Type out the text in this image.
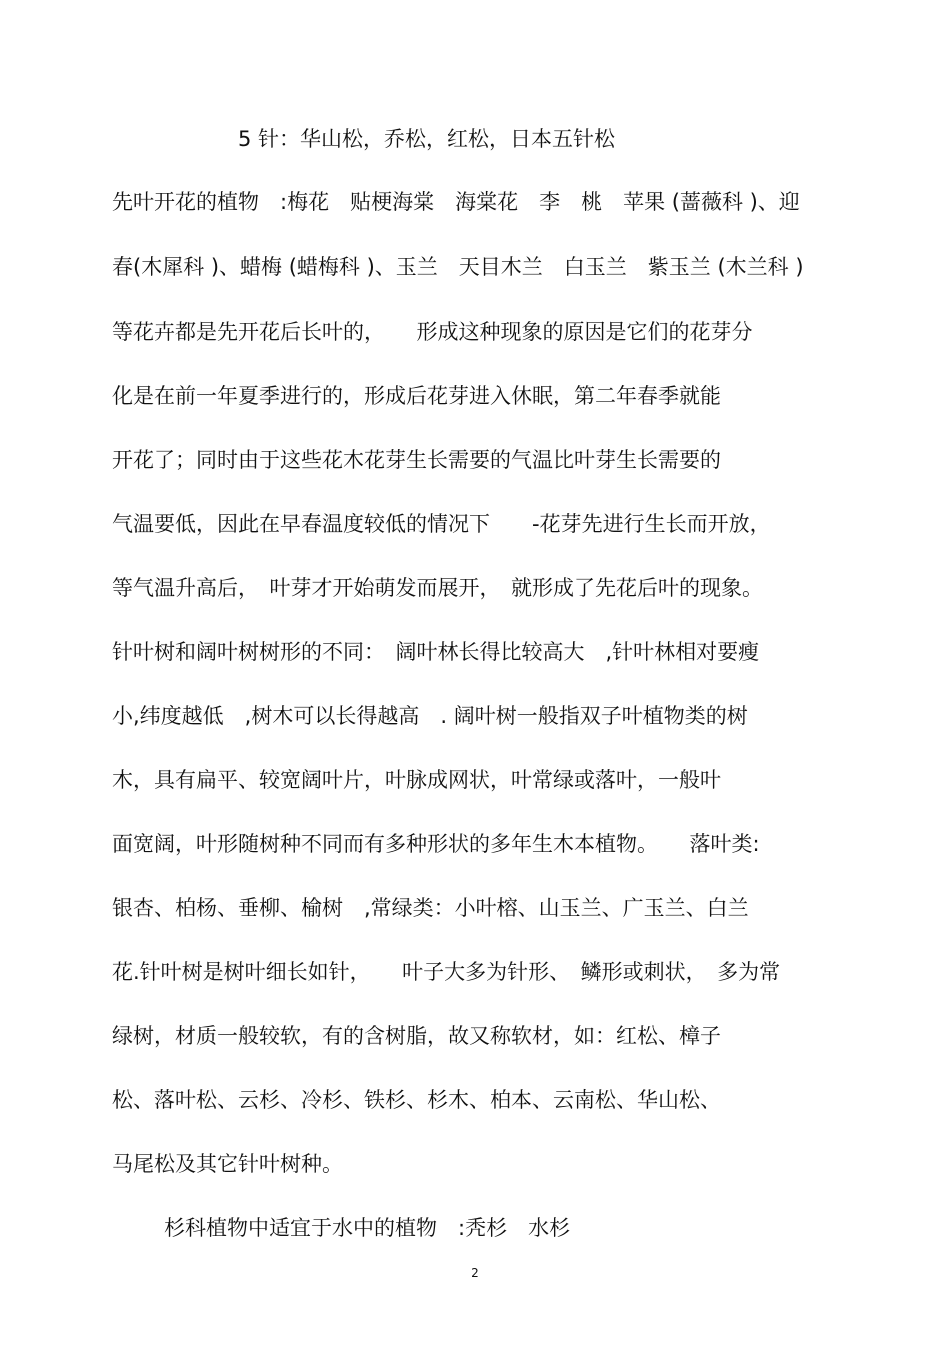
5 针：华山松，乔松，红松，日本五针松
先叶开花的植物　:梅花　贴梗海棠　海棠花　李　桃　苹果 (蔷薇科 )、迎
春(木犀科 )、蜡梅 (蜡梅科 )、玉兰　天目木兰　白玉兰　紫玉兰 (木兰科 )
等花卉都是先开花后长叶的，　　形成这种现象的原因是它们的花芽分
化是在前一年夏季进行的，形成后花芽进入休眠，第二年春季就能
开花了；同时由于这些花木花芽生长需要的气温比叶芽生长需要的
气温要低，因此在早春温度较低的情况下　　-花芽先进行生长而开放，
等气温升高后，　叶芽才开始萌发而展开，　就形成了先花后叶的现象。
针叶树和阔叶树树形的不同：　阔叶林长得比较高大　,针叶林相对要瘦
小,纬度越低　,树木可以长得越高　. 阔叶树一般指双子叶植物类的树
木，具有扁平、较宽阔叶片，叶脉成网状，叶常绿或落叶，一般叶
面宽阔，叶形随树种不同而有多种形状的多年生木本植物。　　落叶类:
银杏、柏杨、垂柳、榆树　,常绿类：小叶榕、山玉兰、广玉兰、白兰
花.针叶树是树叶细长如针，　　叶子大多为针形、　鳞形或刺状，　多为常
绿树，材质一般较软，有的含树脂，故又称软材，如：红松、樟子
松、落叶松、云杉、冷杉、铁杉、杉木、柏本、云南松、华山松、
马尾松及其它针叶树种。
杉科植物中适宜于水中的植物　:秃杉　水杉
2
